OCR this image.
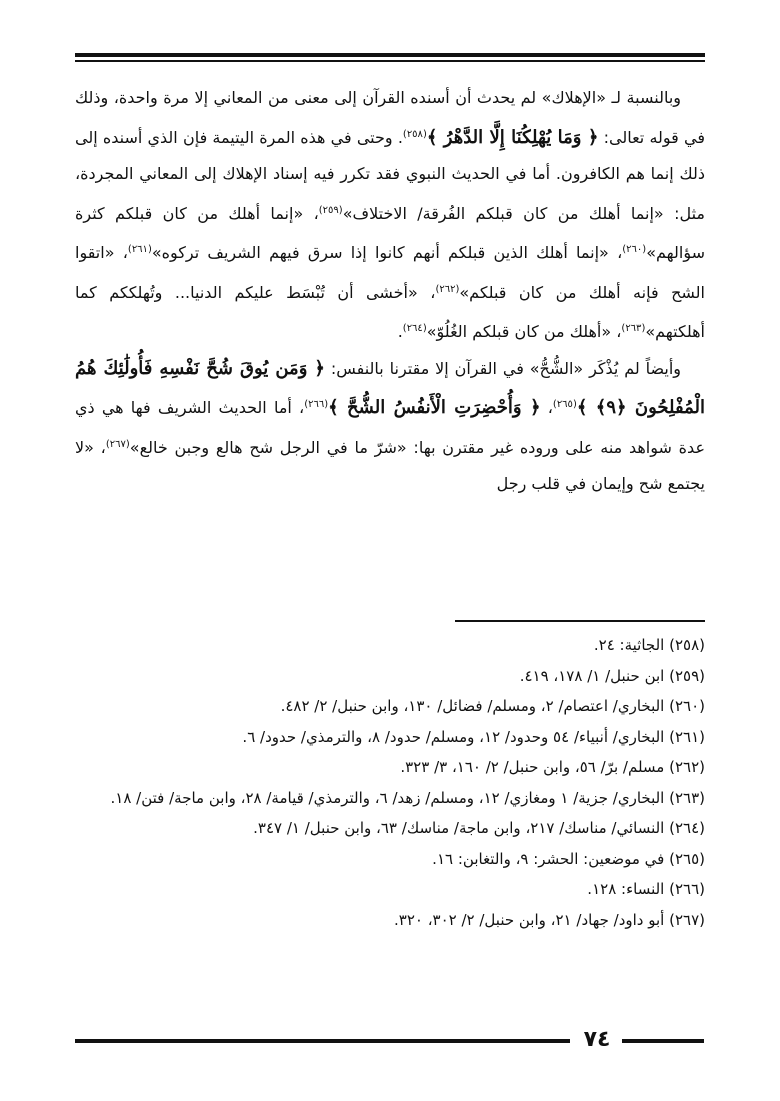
وبالنسبة لـ «الإهلاك» لم يحدث أن أسنده القرآن إلى معنى من المعاني إلا مرة واحدة، وذلك في قوله تعالى: ﴿ وَمَا يُهْلِكُنَا إِلَّا الدَّهْرُ ﴾$^{(٢٥٨)}$. وحتى في هذه المرة اليتيمة فإن الذي أسنده إلى ذلك إنما هم الكافرون. أما في الحديث النبوي فقد تكرر فيه إسناد الإهلاك إلى المعاني المجردة، مثل: «إنما أهلك من كان قبلكم الفُرقة/ الاختلاف»$^{(٢٥٩)}$، «إنما أهلك من كان قبلكم كثرة سؤالهم»$^{(٢٦٠)}$، «إنما أهلك الذين قبلكم أنهم كانوا إذا سرق فيهم الشريف تركوه»$^{(٢٦١)}$، «اتقوا الشح فإنه أهلك من كان قبلكم»$^{(٢٦٢)}$، «أخشى أن تُبْسَط عليكم الدنيا... وتُهلككم كما أهلكتهم»$^{(٢٦٣)}$، «أهلك من كان قبلكم الغُلُوّ»$^{(٢٦٤)}$.

وأيضاً لم يُذْكَر «الشُّحُّ» في القرآن إلا مقترنا بالنفس: ﴿ وَمَن يُوقَ شُحَّ نَفْسِهِ فَأُولَٰئِكَ هُمُ الْمُفْلِحُونَ ﴿٩﴾ ﴾$^{(٢٦٥)}$، ﴿ وَأُحْضِرَتِ الْأَنفُسُ الشُّحَّ ﴾$^{(٢٦٦)}$، أما الحديث الشريف فها هي ذي عدة شواهد منه على وروده غير مقترن بها: «شرّ ما في الرجل شح هالع وجبن خالع»$^{(٢٦٧)}$، «لا يجتمع شح وإيمان في قلب رجل

(٢٥٨) الجاثية: ٢٤.

(٢٥٩) ابن حنبل/ ١/ ١٧٨، ٤١٩.

(٢٦٠) البخاري/ اعتصام/ ٢، ومسلم/ فضائل/ ١٣٠، وابن حنبل/ ٢/ ٤٨٢.

(٢٦١) البخاري/ أنبياء/ ٥٤ وحدود/ ١٢، ومسلم/ حدود/ ٨، والترمذي/ حدود/ ٦.

(٢٦٢) مسلم/ برّ/ ٥٦، وابن حنبل/ ٢/ ١٦٠، ٣/ ٣٢٣.

(٢٦٣) البخاري/ جزية/ ١ ومغازي/ ١٢، ومسلم/ زهد/ ٦، والترمذي/ قيامة/ ٢٨، وابن ماجة/ فتن/ ١٨.

(٢٦٤) النسائي/ مناسك/ ٢١٧، وابن ماجة/ مناسك/ ٦٣، وابن حنبل/ ١/ ٣٤٧.

(٢٦٥) في موضعين: الحشر: ٩، والتغابن: ١٦.

(٢٦٦) النساء: ١٢٨.

(٢٦٧) أبو داود/ جهاد/ ٢١، وابن حنبل/ ٢/ ٣٠٢، ٣٢٠.

٧٤
